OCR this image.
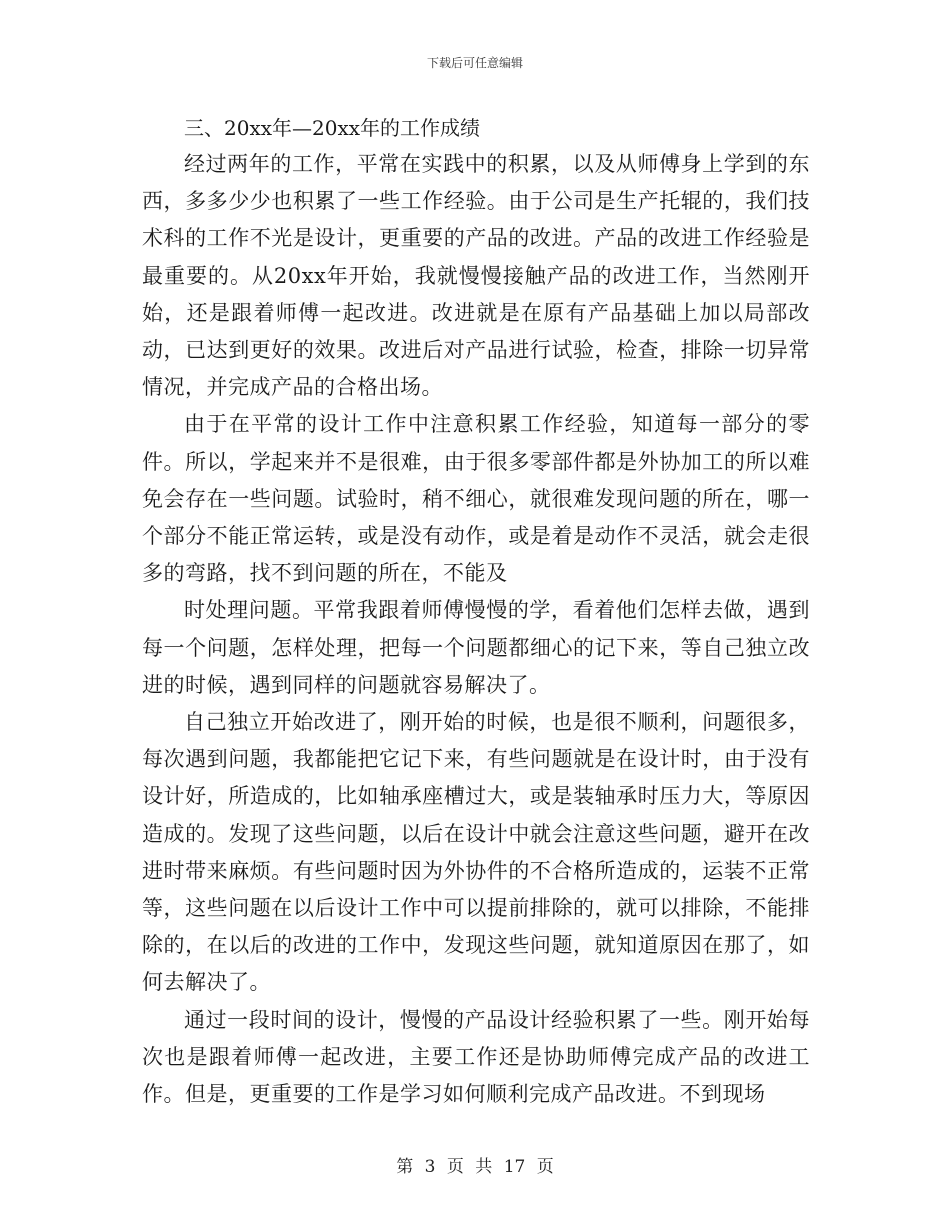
下载后可任意编辑

三、20xx年—20xx年的工作成绩

经过两年的工作，平常在实践中的积累，以及从师傅身上学到的东西，多多少少也积累了一些工作经验。由于公司是生产托辊的，我们技术科的工作不光是设计，更重要的产品的改进。产品的改进工作经验是最重要的。从20xx年开始，我就慢慢接触产品的改进工作，当然刚开始，还是跟着师傅一起改进。改进就是在原有产品基础上加以局部改动，已达到更好的效果。改进后对产品进行试验，检查，排除一切异常情况，并完成产品的合格出场。

由于在平常的设计工作中注意积累工作经验，知道每一部分的零件。所以，学起来并不是很难，由于很多零部件都是外协加工的所以难免会存在一些问题。试验时，稍不细心，就很难发现问题的所在，哪一个部分不能正常运转，或是没有动作，或是着是动作不灵活，就会走很多的弯路，找不到问题的所在，不能及

时处理问题。平常我跟着师傅慢慢的学，看着他们怎样去做，遇到每一个问题，怎样处理，把每一个问题都细心的记下来，等自己独立改进的时候，遇到同样的问题就容易解决了。

自己独立开始改进了，刚开始的时候，也是很不顺利，问题很多，每次遇到问题，我都能把它记下来，有些问题就是在设计时，由于没有设计好，所造成的，比如轴承座槽过大，或是装轴承时压力大，等原因造成的。发现了这些问题，以后在设计中就会注意这些问题，避开在改进时带来麻烦。有些问题时因为外协件的不合格所造成的，运装不正常等，这些问题在以后设计工作中可以提前排除的，就可以排除，不能排除的，在以后的改进的工作中，发现这些问题，就知道原因在那了，如何去解决了。

通过一段时间的设计，慢慢的产品设计经验积累了一些。刚开始每次也是跟着师傅一起改进，主要工作还是协助师傅完成产品的改进工作。但是，更重要的工作是学习如何顺利完成产品改进。不到现场

第 3 页 共 17 页
